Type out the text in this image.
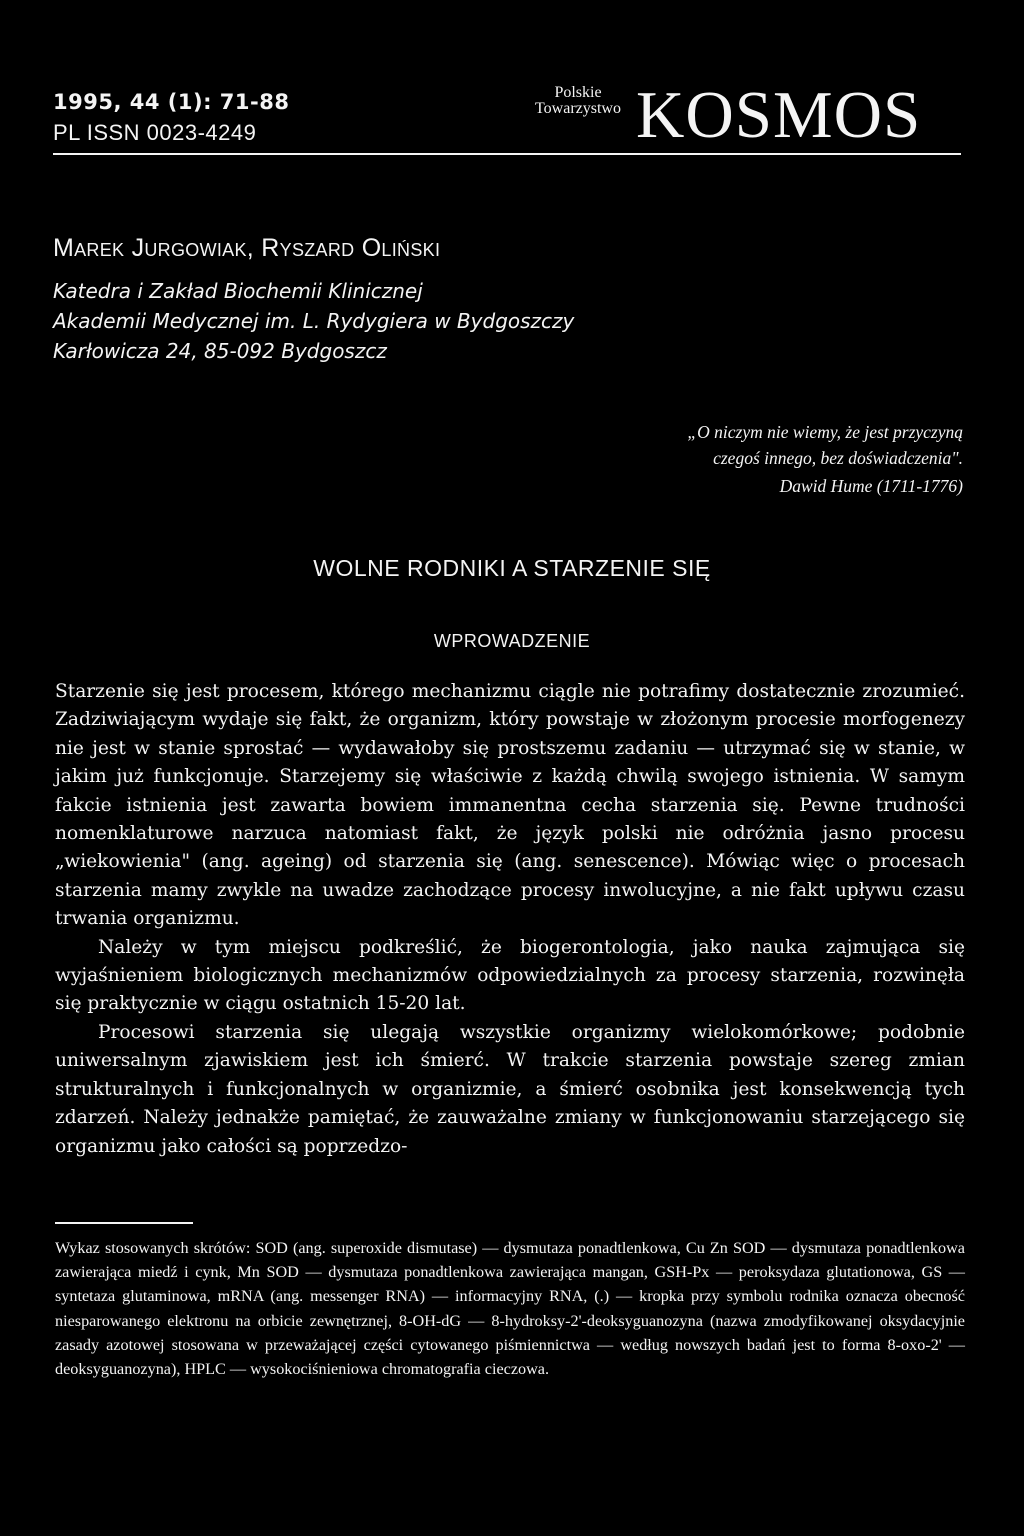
1995, 44 (1): 71-88
PL ISSN 0023-4249
Polskie Towarzystwo KOSMOS
Marek Jurgowiak, Ryszard Oliński
Katedra i Zakład Biochemii Klinicznej
Akademii Medycznej im. L. Rydygiera w Bydgoszczy
Karłowicza 24, 85-092 Bydgoszcz
„O niczym nie wiemy, że jest przyczyną
czegoś innego, bez doświadczenia".
Dawid Hume (1711-1776)
WOLNE RODNIKI A STARZENIE SIĘ
WPROWADZENIE

Starzenie się jest procesem, którego mechanizmu ciągle nie potrafimy dostatecznie zrozumieć. Zadziwiającym wydaje się fakt, że organizm, który powstaje w złożonym procesie morfogenezy nie jest w stanie sprostać — wydawałoby się prostszemu zadaniu — utrzymać się w stanie, w jakim już funkcjonuje. Starzejemy się właściwie z każdą chwilą swojego istnienia. W samym fakcie istnienia jest zawarta bowiem immanentna cecha starzenia się. Pewne trudności nomenklaturowe narzuca natomiast fakt, że język polski nie odróżnia jasno procesu „wiekowienia" (ang. ageing) od starzenia się (ang. senescence). Mówiąc więc o procesach starzenia mamy zwykle na uwadze zachodzące procesy inwolucyjne, a nie fakt upływu czasu trwania organizmu.

Należy w tym miejscu podkreślić, że biogerontologia, jako nauka zajmująca się wyjaśnieniem biologicznych mechanizmów odpowiedzialnych za procesy starzenia, rozwinęła się praktycznie w ciągu ostatnich 15-20 lat.

Procesowi starzenia się ulegają wszystkie organizmy wielokomórkowe; podobnie uniwersalnym zjawiskiem jest ich śmierć. W trakcie starzenia powstaje szereg zmian strukturalnych i funkcjonalnych w organizmie, a śmierć osobnika jest konsekwencją tych zdarzeń. Należy jednakże pamiętać, że zauważalne zmiany w funkcjonowaniu starzejącego się organizmu jako całości są poprzedzo-

Wykaz stosowanych skrótów: SOD (ang. superoxide dismutase) — dysmutaza ponadtlenkowa, Cu Zn SOD — dysmutaza ponadtlenkowa zawierająca miedź i cynk, Mn SOD — dysmutaza ponadtlenkowa zawierająca mangan, GSH-Px — peroksydaza glutationowa, GS — syntetaza glutaminowa, mRNA (ang. messenger RNA) — informacyjny RNA, (.) — kropka przy symbolu rodnika oznacza obecność niesparowanego elektronu na orbicie zewnętrznej, 8-OH-dG — 8-hydroksy-2'-deoksyguanozyna (nazwa zmodyfikowanej oksydacyjnie zasady azotowej stosowana w przeważającej części cytowanego piśmiennictwa — według nowszych badań jest to forma 8-oxo-2' — deoksyguanozyna), HPLC — wysokociśnieniowa chromatografia cieczowa.
